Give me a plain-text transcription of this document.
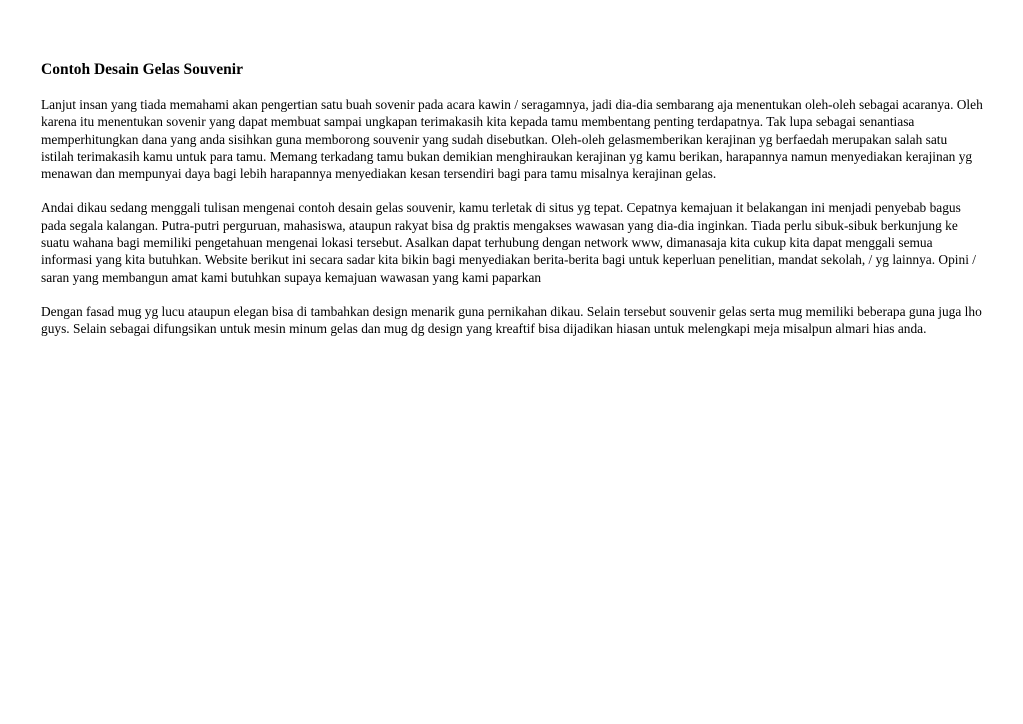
Contoh Desain Gelas Souvenir

Lanjut insan yang tiada memahami akan pengertian satu buah sovenir pada acara kawin / seragamnya, jadi dia-dia sembarang aja menentukan oleh-oleh sebagai acaranya. Oleh karena itu menentukan sovenir yang dapat membuat sampai ungkapan terimakasih kita kepada tamu membentang penting terdapatnya. Tak lupa sebagai senantiasa memperhitungkan dana yang anda sisihkan guna memborong souvenir yang sudah disebutkan. Oleh-oleh gelasmemberikan kerajinan yg berfaedah merupakan salah satu istilah terimakasih kamu untuk para tamu. Memang terkadang tamu bukan demikian menghiraukan kerajinan yg kamu berikan, harapannya namun menyediakan kerajinan yg menawan dan mempunyai daya bagi lebih harapannya menyediakan kesan tersendiri bagi para tamu misalnya kerajinan gelas.

Andai dikau sedang menggali tulisan mengenai contoh desain gelas souvenir, kamu terletak di situs yg tepat. Cepatnya kemajuan it belakangan ini menjadi penyebab bagus pada segala kalangan. Putra-putri perguruan, mahasiswa, ataupun rakyat bisa dg praktis mengakses wawasan yang dia-dia inginkan. Tiada perlu sibuk-sibuk berkunjung ke suatu wahana bagi memiliki pengetahuan mengenai lokasi tersebut. Asalkan dapat terhubung dengan network www, dimanasaja kita cukup kita dapat menggali semua informasi yang kita butuhkan. Website berikut ini secara sadar kita bikin bagi menyediakan berita-berita bagi untuk keperluan penelitian, mandat sekolah, / yg lainnya. Opini / saran yang membangun amat kami butuhkan supaya kemajuan wawasan yang kami paparkan

Dengan fasad mug yg lucu ataupun elegan bisa di tambahkan design menarik guna pernikahan dikau. Selain tersebut souvenir gelas serta mug memiliki beberapa guna juga lho guys. Selain sebagai difungsikan untuk mesin minum gelas dan mug dg design yang kreaftif bisa dijadikan hiasan untuk melengkapi meja misalpun almari hias anda.
